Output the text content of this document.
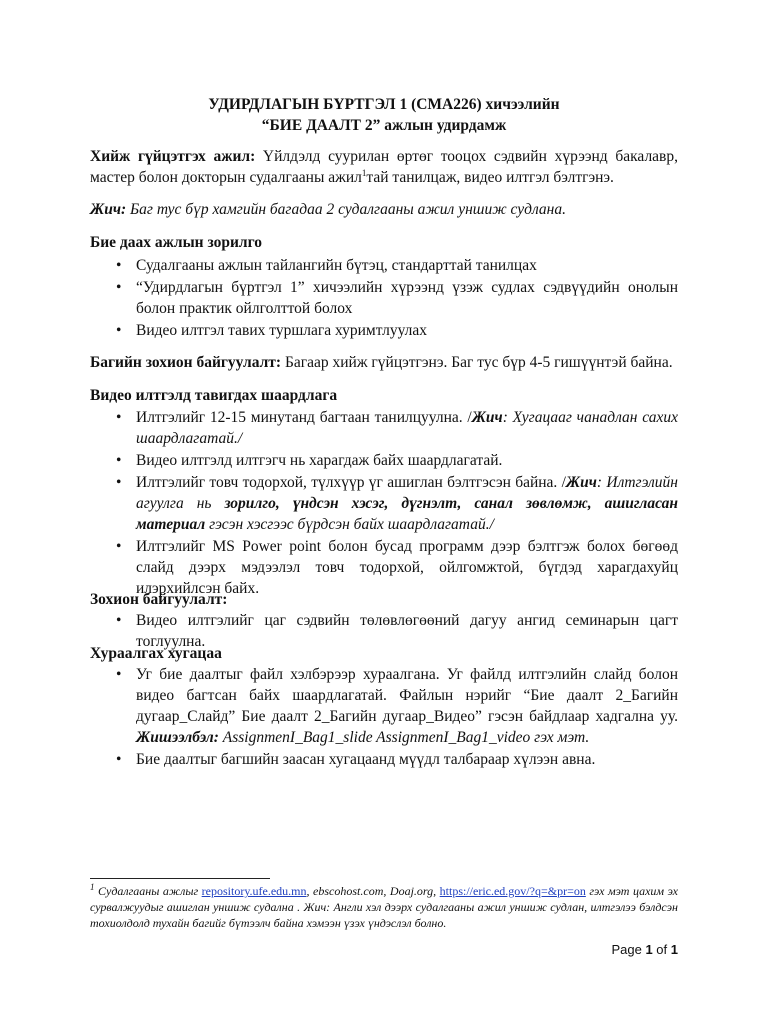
УДИРДЛАГЫН БҮРТГЭЛ 1 (CMA226) хичээлийн
“БИЕ ДААЛТ 2” ажлын удирдамж
Хийж гүйцэтгэх ажил: Үйлдэлд суурилан өртөг тооцох сэдвийн хүрээнд бакалавр, мастер болон докторын судалгааны ажил$^1$тай танилцаж, видео илтгэл бэлтгэнэ.
Жич: Баг тус бүр хамгийн багадаа 2 судалгааны ажил уншиж судлана.
Бие даах ажлын зорилго
• Судалгааны ажлын тайлангийн бүтэц, стандарттай танилцах
• “Удирдлагын бүртгэл 1” хичээлийн хүрээнд үзэж судлах сэдвүүдийн онолын болон практик ойлголттой болох
• Видео илтгэл тавих туршлага хуримтлуулах
Багийн зохион байгуулалт: Багаар хийж гүйцэтгэнэ. Баг тус бүр 4-5 гишүүнтэй байна.
Видео илтгэлд тавигдах шаардлага
• Илтгэлийг 12-15 минутанд багтаан танилцуулна. /Жич: Хугацааг чанадлан сахих шаардлагатай./
• Видео илтгэлд илтгэгч нь харагдаж байх шаардлагатай.
• Илтгэлийг товч тодорхой, түлхүүр үг ашиглан бэлтгэсэн байна. /Жич: Илтгэлийн агуулга нь зорилго, үндсэн хэсэг, дүгнэлт, санал зөвлөмж, ашигласан материал гэсэн хэсгээс бүрдсэн байх шаардлагатай./
• Илтгэлийг MS Power point болон бусад программ дээр бэлтгэж болох бөгөөд слайд дээрх мэдээлэл товч тодорхой, ойлгомжтой, бүгдэд харагдахуйц илэрхийлсэн байх.
Зохион байгуулалт:
• Видео илтгэлийг цаг сэдвийн төлөвлөгөөний дагуу ангид семинарын цагт тоглуулна.
Хураалгах хугацаа
• Уг бие даалтыг файл хэлбэрээр хураалгана. Уг файлд илтгэлийн слайд болон видео багтсан байх шаардлагатай. Файлын нэрийг “Бие даалт 2_Багийн дугаар_Слайд” Бие даалт 2_Багийн дугаар_Видео” гэсэн байдлаар хадгална уу. Жишээлбэл: AssignmenI_Bag1_slide AssignmenI_Bag1_video гэх мэт.
• Бие даалтыг багшийн заасан хугацаанд мүүдл талбараар хүлээн авна.
$^1$ Судалгааны ажлыг repository.ufe.edu.mn, ebscohost.com, Doaj.org, https://eric.ed.gov/?q=&pr=on гэх мэт цахим эх сурвалжуудыг ашиглан уншиж судална . Жич: Англи хэл дээрх судалгааны ажил уншиж судлан, илтгэлээ бэлдсэн тохиолдолд тухайн багийг бүтээлч байна хэмээн үзэх үндэслэл болно.
Page 1 of 1
